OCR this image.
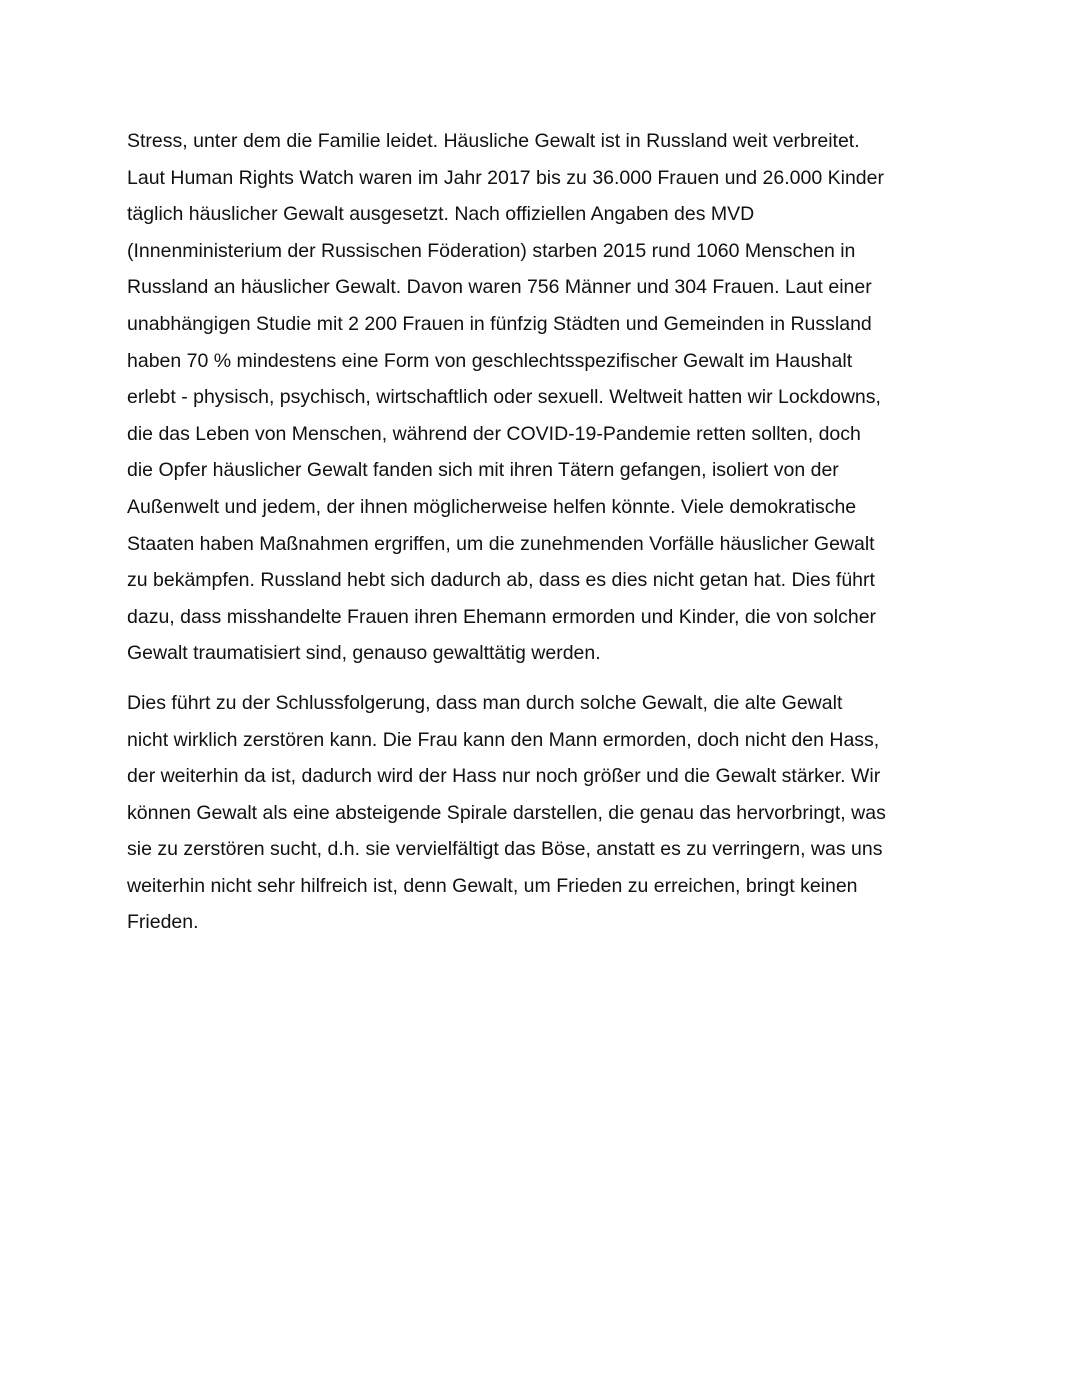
Stress, unter dem die Familie leidet. Häusliche Gewalt ist in Russland weit verbreitet.
Laut Human Rights Watch waren im Jahr 2017 bis zu 36.000 Frauen und 26.000 Kinder
täglich häuslicher Gewalt ausgesetzt. Nach offiziellen Angaben des MVD
(Innenministerium der Russischen Föderation) starben 2015 rund 1060 Menschen in
Russland an häuslicher Gewalt. Davon waren 756 Männer und 304 Frauen. Laut einer
unabhängigen Studie mit 2 200 Frauen in fünfzig Städten und Gemeinden in Russland
haben 70 % mindestens eine Form von geschlechtsspezifischer Gewalt im Haushalt
erlebt - physisch, psychisch, wirtschaftlich oder sexuell. Weltweit hatten wir Lockdowns,
die das Leben von Menschen, während der COVID-19-Pandemie retten sollten, doch
die Opfer häuslicher Gewalt fanden sich mit ihren Tätern gefangen, isoliert von der
Außenwelt und jedem, der ihnen möglicherweise helfen könnte. Viele demokratische
Staaten haben Maßnahmen ergriffen, um die zunehmenden Vorfälle häuslicher Gewalt
zu bekämpfen. Russland hebt sich dadurch ab, dass es dies nicht getan hat. Dies führt
dazu, dass misshandelte Frauen ihren Ehemann ermorden und Kinder, die von solcher
Gewalt traumatisiert sind, genauso gewalttätig werden.

Dies führt zu der Schlussfolgerung, dass man durch solche Gewalt, die alte Gewalt
nicht wirklich zerstören kann. Die Frau kann den Mann ermorden, doch nicht den Hass,
der weiterhin da ist, dadurch wird der Hass nur noch größer und die Gewalt stärker. Wir
können Gewalt als eine absteigende Spirale darstellen, die genau das hervorbringt, was
sie zu zerstören sucht, d.h. sie vervielfältigt das Böse, anstatt es zu verringern, was uns
weiterhin nicht sehr hilfreich ist, denn Gewalt, um Frieden zu erreichen, bringt keinen
Frieden.
